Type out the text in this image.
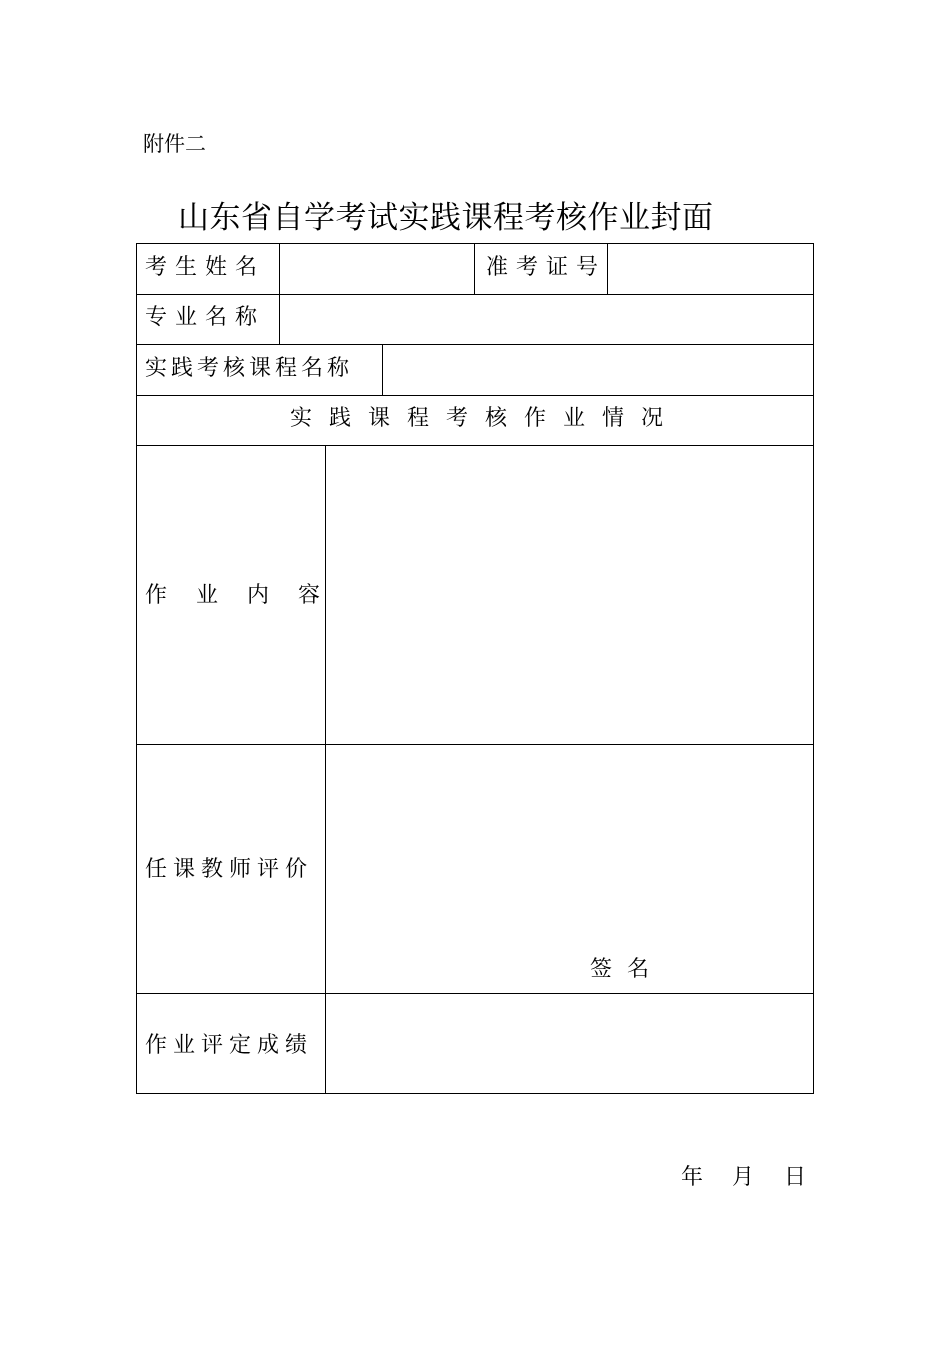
附件二
山东省自学考试实践课程考核作业封面
考生姓名	准考证号
专业名称
实践考核课程名称
实践课程考核作业情况
作业内容
任课教师评价
签 名
作业评定成绩
年 月 日
